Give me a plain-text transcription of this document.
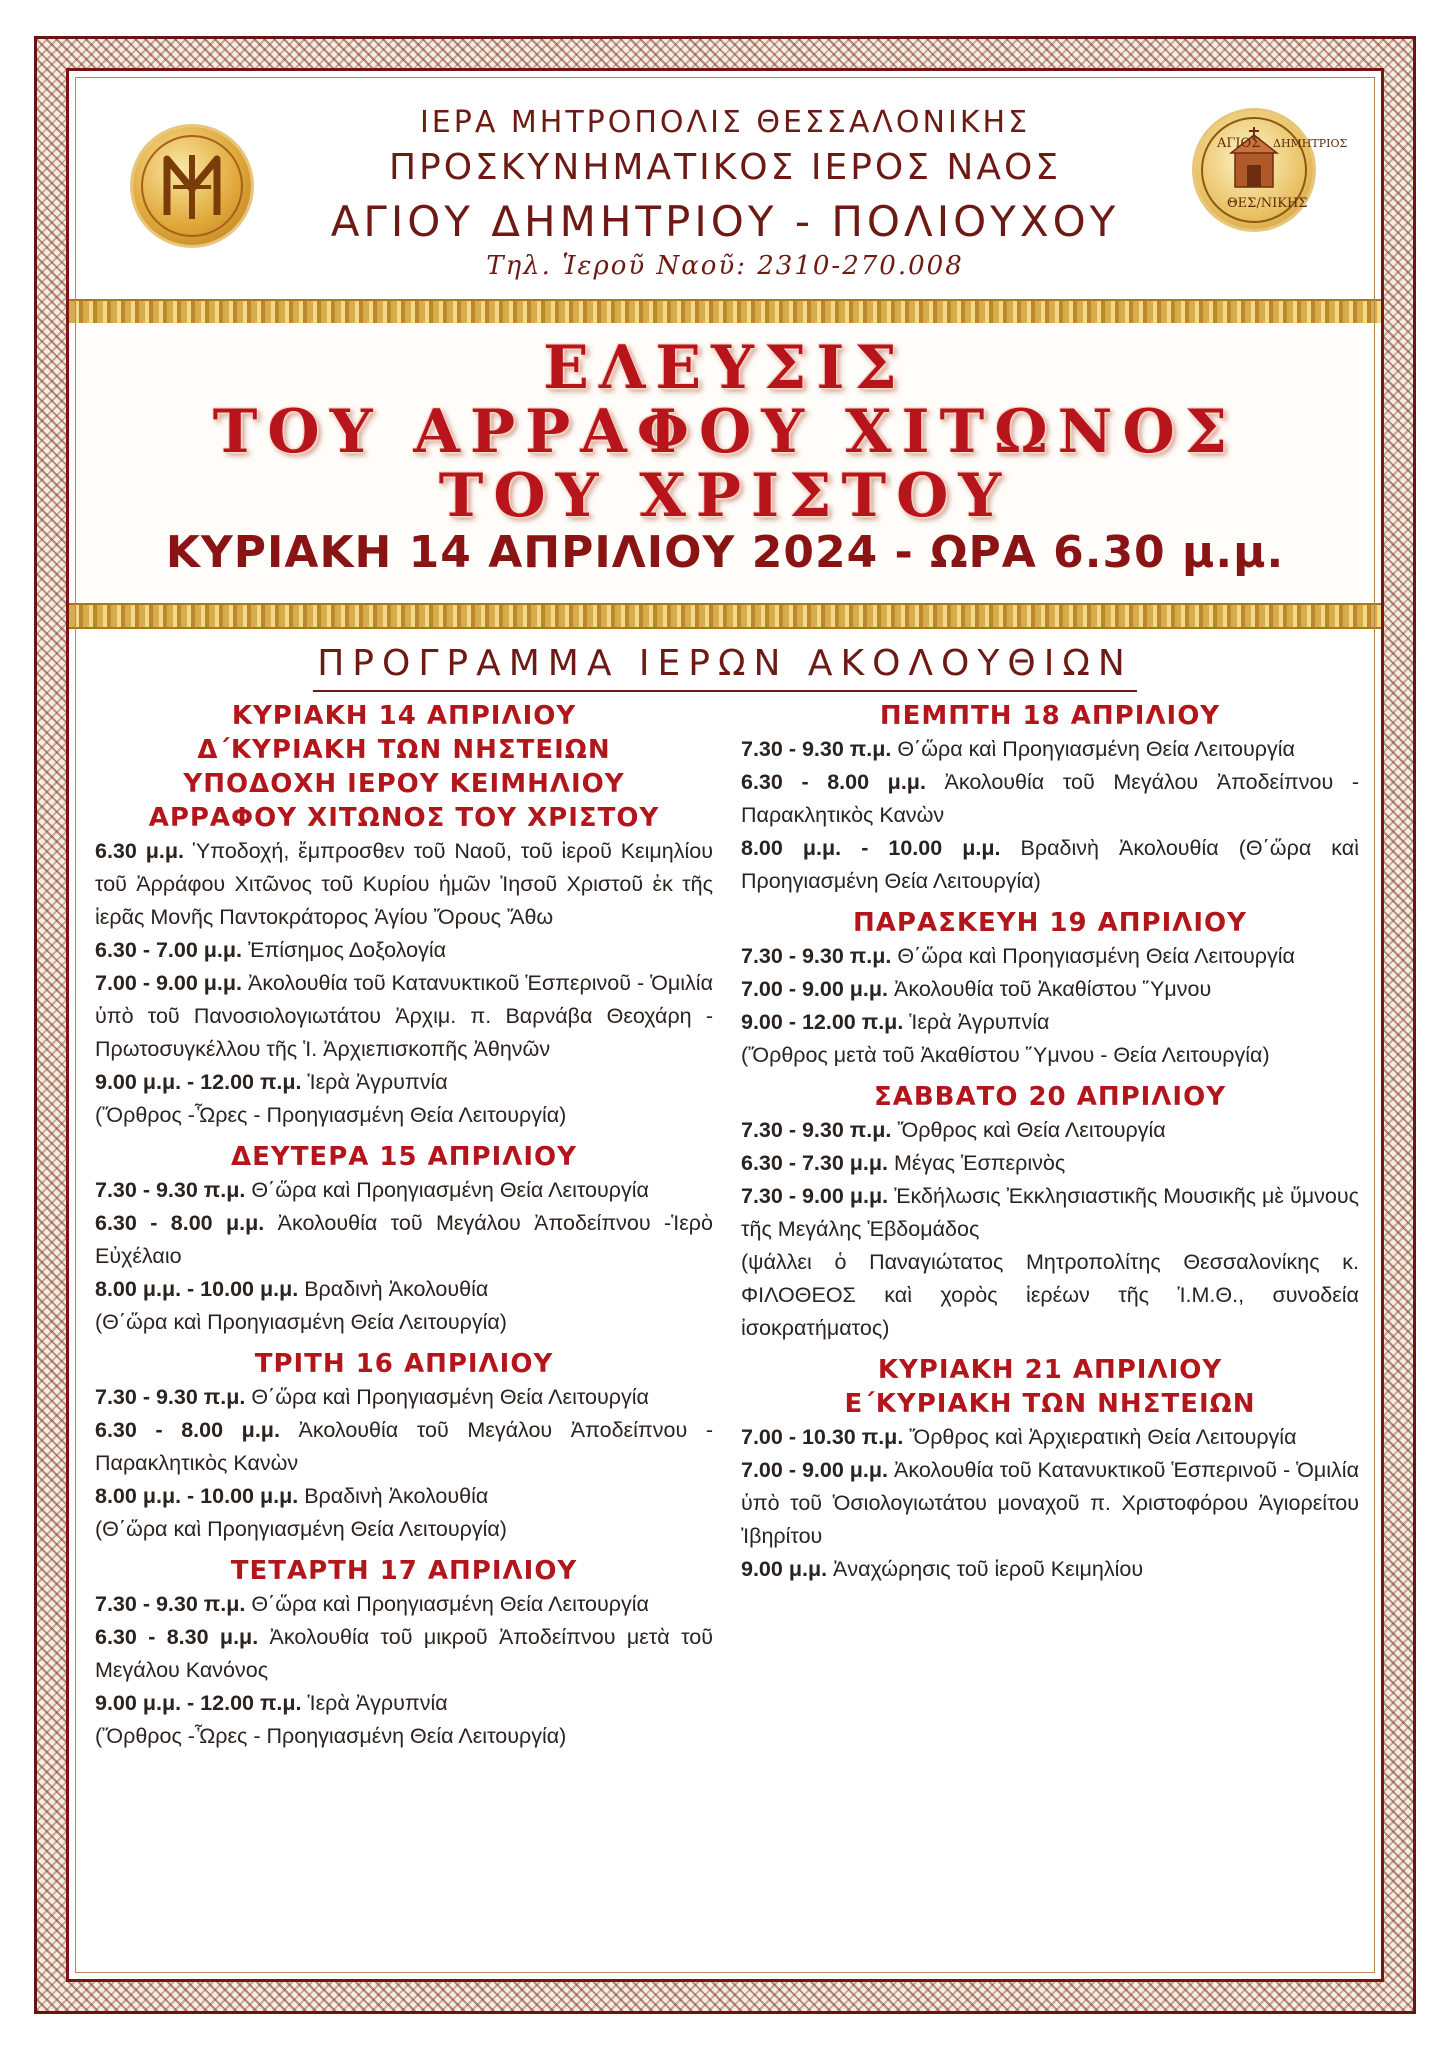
ΙΕΡΑ ΜΗΤΡΟΠΟΛΙΣ ΘΕΣΣΑΛΟΝΙΚΗΣ
ΠΡΟΣΚΥΝΗΜΑΤΙΚΟΣ ΙΕΡΟΣ ΝΑΟΣ
ΑΓΙΟΥ ΔΗΜΗΤΡΙΟΥ - ΠΟΛΙΟΥΧΟΥ
Τηλ. Ἱεροῦ Ναοῦ: 2310-270.008
ΑΓΙΟΣ ΔΗΜΗΤΡΙΟΣ
ΘΕΣ/ΝΙΚΗΣ
ΕΛΕΥΣΙΣ
ΤΟΥ ΑΡΡΑΦΟΥ ΧΙΤΩΝΟΣ
ΤΟΥ ΧΡΙΣΤΟΥ
ΚΥΡΙΑΚΗ 14 ΑΠΡΙΛΙΟΥ 2024 - ΩΡΑ 6.30 μ.μ.
ΠΡΟΓΡΑΜΜΑ ΙΕΡΩΝ ΑΚΟΛΟΥΘΙΩΝ
ΚΥΡΙΑΚΗ 14 ΑΠΡΙΛΙΟΥ
Δ΄ΚΥΡΙΑΚΗ ΤΩΝ ΝΗΣΤΕΙΩΝ
ΥΠΟΔΟΧΗ ΙΕΡΟΥ ΚΕΙΜΗΛΙΟΥ
ΑΡΡΑΦΟΥ ΧΙΤΩΝΟΣ ΤΟΥ ΧΡΙΣΤΟΥ

6.30 μ.μ. Ὑποδοχή, ἔμπροσθεν τοῦ Ναοῦ, τοῦ ἱεροῦ Κειμηλίου τοῦ Ἀρράφου Χιτῶνος τοῦ Κυρίου ἡμῶν Ἰησοῦ Χριστοῦ ἐκ τῆς ἱερᾶς Μονῆς Παντοκράτορος Ἁγίου Ὄρους Ἄθω

6.30 - 7.00 μ.μ. Ἐπίσημος Δοξολογία

7.00 - 9.00 μ.μ. Ἀκολουθία τοῦ Κατανυκτικοῦ Ἑσπερινοῦ - Ὁμιλία ὑπὸ τοῦ Πανοσιολογιωτάτου Ἀρχιμ. π. Βαρνάβα Θεοχάρη - Πρωτοσυγκέλλου τῆς Ἱ. Ἀρχιεπισκοπῆς Ἀθηνῶν

9.00 μ.μ. - 12.00 π.μ. Ἱερὰ Ἀγρυπνία

(Ὄρθρος -Ὧρες - Προηγιασμένη Θεία Λειτουργία)

ΔΕΥΤΕΡΑ 15 ΑΠΡΙΛΙΟΥ

7.30 - 9.30 π.μ. Θ΄ὥρα καὶ Προηγιασμένη Θεία Λειτουργία

6.30 - 8.00 μ.μ. Ἀκολουθία τοῦ Μεγάλου Ἀποδείπνου -Ἱερὸ Εὐχέλαιο

8.00 μ.μ. - 10.00 μ.μ. Βραδινὴ Ἀκολουθία

(Θ΄ὥρα καὶ Προηγιασμένη Θεία Λειτουργία)

ΤΡΙΤΗ 16 ΑΠΡΙΛΙΟΥ

7.30 - 9.30 π.μ. Θ΄ὥρα καὶ Προηγιασμένη Θεία Λειτουργία

6.30 - 8.00 μ.μ. Ἀκολουθία τοῦ Μεγάλου Ἀποδείπνου - Παρακλητικὸς Κανὼν

8.00 μ.μ. - 10.00 μ.μ. Βραδινὴ Ἀκολουθία

(Θ΄ὥρα καὶ Προηγιασμένη Θεία Λειτουργία)

ΤΕΤΑΡΤΗ 17 ΑΠΡΙΛΙΟΥ

7.30 - 9.30 π.μ. Θ΄ὥρα καὶ Προηγιασμένη Θεία Λειτουργία

6.30 - 8.30 μ.μ. Ἀκολουθία τοῦ μικροῦ Ἀποδείπνου μετὰ τοῦ Μεγάλου Κανόνος

9.00 μ.μ. - 12.00 π.μ. Ἱερὰ Ἀγρυπνία

(Ὄρθρος -Ὧρες - Προηγιασμένη Θεία Λειτουργία)

ΠΕΜΠΤΗ 18 ΑΠΡΙΛΙΟΥ

7.30 - 9.30 π.μ. Θ΄ὥρα καὶ Προηγιασμένη Θεία Λειτουργία

6.30 - 8.00 μ.μ. Ἀκολουθία τοῦ Μεγάλου Ἀποδείπνου - Παρακλητικὸς Κανὼν

8.00 μ.μ. - 10.00 μ.μ. Βραδινὴ Ἀκολουθία (Θ΄ὥρα καὶ Προηγιασμένη Θεία Λειτουργία)

ΠΑΡΑΣΚΕΥΗ 19 ΑΠΡΙΛΙΟΥ

7.30 - 9.30 π.μ. Θ΄ὥρα καὶ Προηγιασμένη Θεία Λειτουργία

7.00 - 9.00 μ.μ. Ἀκολουθία τοῦ Ἀκαθίστου Ὕμνου

9.00 - 12.00 π.μ. Ἱερὰ Ἀγρυπνία

(Ὄρθρος μετὰ τοῦ Ἀκαθίστου Ὕμνου - Θεία Λειτουργία)

ΣΑΒΒΑΤΟ 20 ΑΠΡΙΛΙΟΥ

7.30 - 9.30 π.μ. Ὄρθρος καὶ Θεία Λειτουργία

6.30 - 7.30 μ.μ. Μέγας Ἑσπερινὸς

7.30 - 9.00 μ.μ. Ἐκδήλωσις Ἐκκλησιαστικῆς Μουσικῆς μὲ ὕμνους τῆς Μεγάλης Ἑβδομάδος

(ψάλλει ὁ Παναγιώτατος Μητροπολίτης Θεσσαλονίκης κ. ΦΙΛΟΘΕΟΣ καὶ χορὸς ἱερέων τῆς Ἱ.Μ.Θ., συνοδεία ἰσοκρατήματος)

ΚΥΡΙΑΚΗ 21 ΑΠΡΙΛΙΟΥ
Ε΄ΚΥΡΙΑΚΗ ΤΩΝ ΝΗΣΤΕΙΩΝ

7.00 - 10.30 π.μ. Ὄρθρος καὶ Ἀρχιερατικὴ Θεία Λειτουργία

7.00 - 9.00 μ.μ. Ἀκολουθία τοῦ Κατανυκτικοῦ Ἑσπερινοῦ - Ὁμιλία ὑπὸ τοῦ Ὁσιολογιωτάτου μοναχοῦ π. Χριστοφόρου Ἁγιορείτου Ἰβηρίτου

9.00 μ.μ. Ἀναχώρησις τοῦ ἱεροῦ Κειμηλίου
